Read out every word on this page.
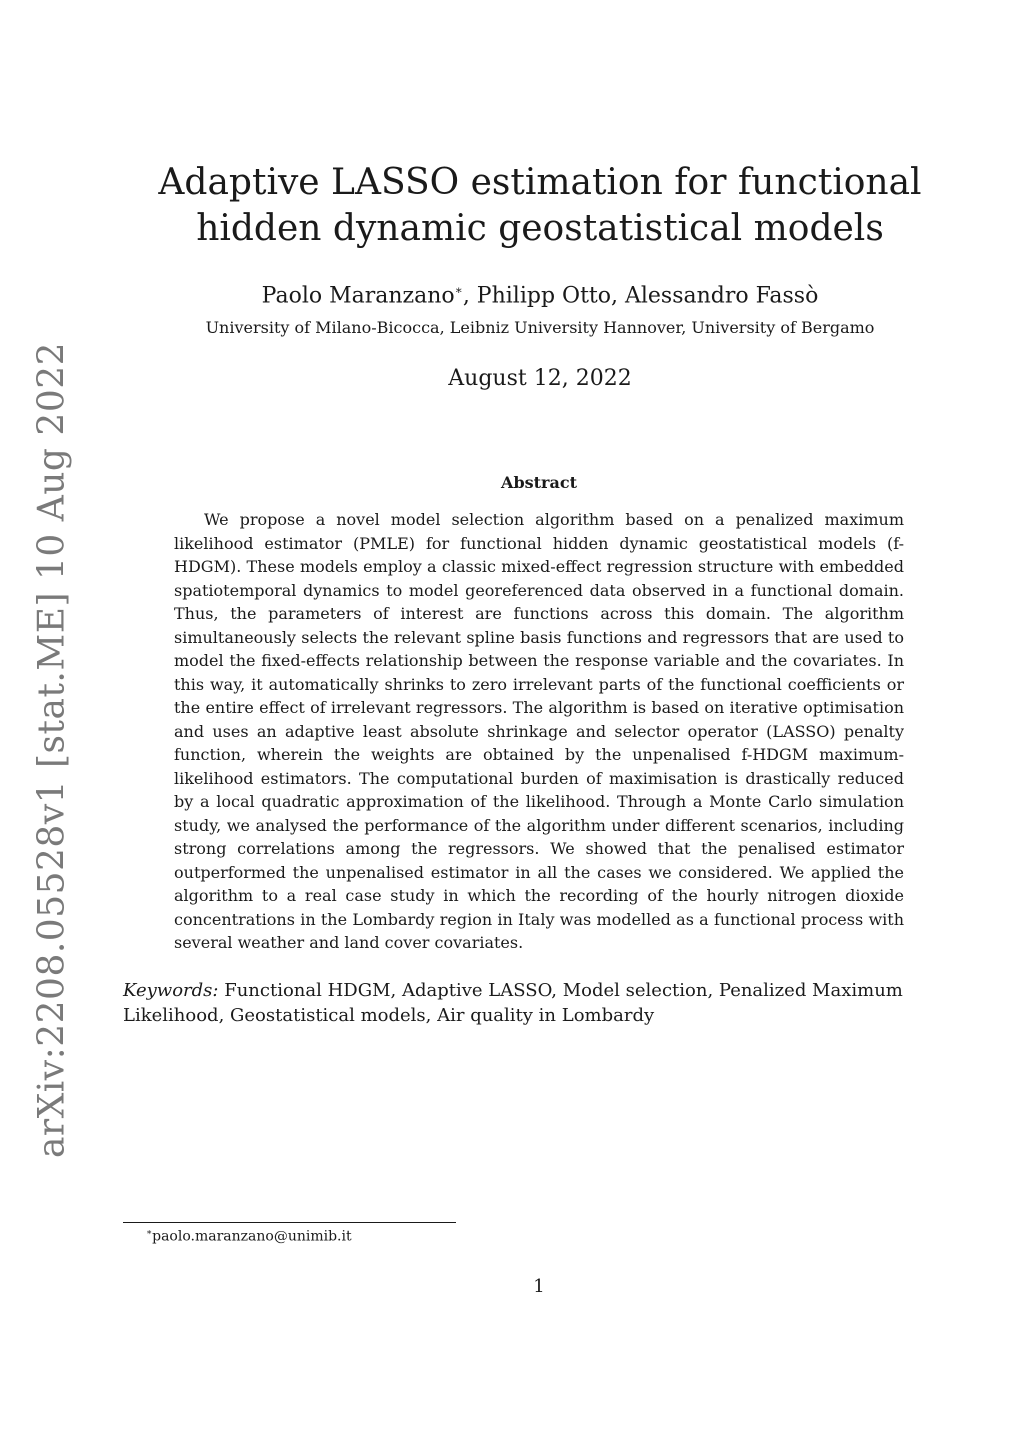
arXiv:2208.05528v1 [stat.ME] 10 Aug 2022
Adaptive LASSO estimation for functional hidden dynamic geostatistical models
Paolo Maranzano∗, Philipp Otto, Alessandro Fassò
University of Milano-Bicocca, Leibniz University Hannover, University of Bergamo
August 12, 2022
Abstract

We propose a novel model selection algorithm based on a penalized maximum likelihood estimator (PMLE) for functional hidden dynamic geostatistical models (f-HDGM). These models employ a classic mixed-effect regression structure with embedded spatiotemporal dynamics to model georeferenced data observed in a functional domain. Thus, the parameters of interest are functions across this domain. The algorithm simultaneously selects the relevant spline basis functions and regressors that are used to model the fixed-effects relationship between the response variable and the covariates. In this way, it automatically shrinks to zero irrelevant parts of the functional coefficients or the entire effect of irrelevant regressors. The algorithm is based on iterative optimisation and uses an adaptive least absolute shrinkage and selector operator (LASSO) penalty function, wherein the weights are obtained by the unpenalised f-HDGM maximum-likelihood estimators. The computational burden of maximisation is drastically reduced by a local quadratic approximation of the likelihood. Through a Monte Carlo simulation study, we analysed the performance of the algorithm under different scenarios, including strong correlations among the regressors. We showed that the penalised estimator outperformed the unpenalised estimator in all the cases we considered. We applied the algorithm to a real case study in which the recording of the hourly nitrogen dioxide concentrations in the Lombardy region in Italy was modelled as a functional process with several weather and land cover covariates.

Keywords: Functional HDGM, Adaptive LASSO, Model selection, Penalized Maximum Likelihood, Geostatistical models, Air quality in Lombardy
∗paolo.maranzano@unimib.it
1
